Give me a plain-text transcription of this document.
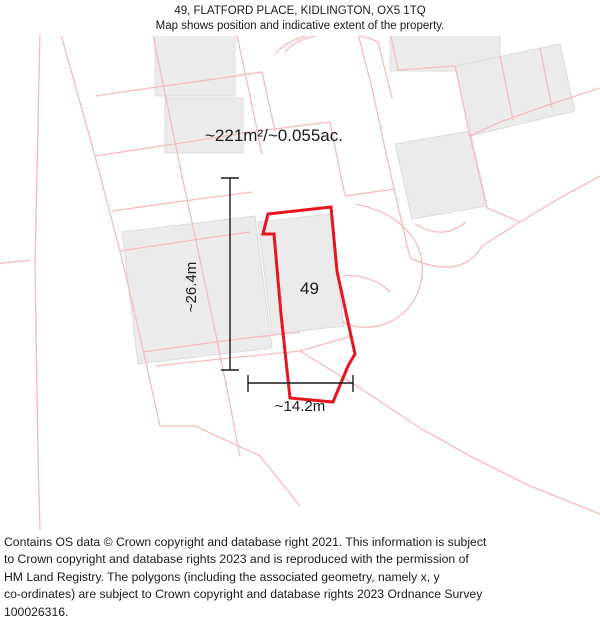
49, FLATFORD PLACE, KIDLINGTON, OX5 1TQ
Map shows position and indicative extent of the property.
~221m²/~0.055ac.
49
~26.4m
~14.2m

Contains OS data © Crown copyright and database right 2021. This information is subject

to Crown copyright and database rights 2023 and is reproduced with the permission of

HM Land Registry. The polygons (including the associated geometry, namely x, y

co-ordinates) are subject to Crown copyright and database rights 2023 Ordnance Survey

100026316.
